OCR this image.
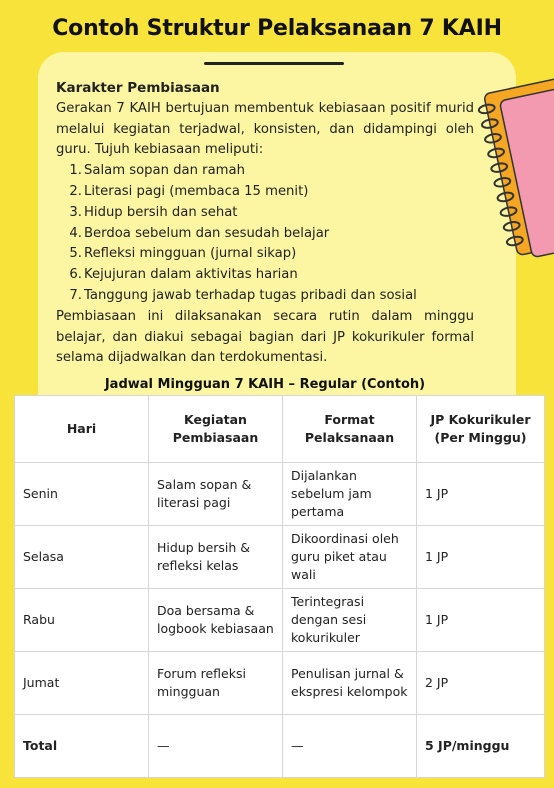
Contoh Struktur Pelaksanaan 7 KAIH
Karakter Pembiasaan
Gerakan 7 KAIH bertujuan membentuk kebiasaan positif murid melalui kegiatan terjadwal, konsisten, dan didampingi oleh guru. Tujuh kebiasaan meliputi:
1. Salam sopan dan ramah
2. Literasi pagi (membaca 15 menit)
3. Hidup bersih dan sehat
4. Berdoa sebelum dan sesudah belajar
5. Refleksi mingguan (jurnal sikap)
6. Kejujuran dalam aktivitas harian
7. Tanggung jawab terhadap tugas pribadi dan sosial
Pembiasaan ini dilaksanakan secara rutin dalam minggu belajar, dan diakui sebagai bagian dari JP kokurikuler formal selama dijadwalkan dan terdokumentasi.
Jadwal Mingguan 7 KAIH – Regular (Contoh)
Hari	Kegiatan Pembiasaan	Format Pelaksanaan	JP Kokurikuler (Per Minggu)
Senin	Salam sopan & literasi pagi	Dijalankan sebelum jam pertama	1 JP
Selasa	Hidup bersih & refleksi kelas	Dikoordinasi oleh guru piket atau wali	1 JP
Rabu	Doa bersama & logbook kebiasaan	Terintegrasi dengan sesi kokurikuler	1 JP
Jumat	Forum refleksi mingguan	Penulisan jurnal & ekspresi kelompok	2 JP
Total	—	—	5 JP/minggu
